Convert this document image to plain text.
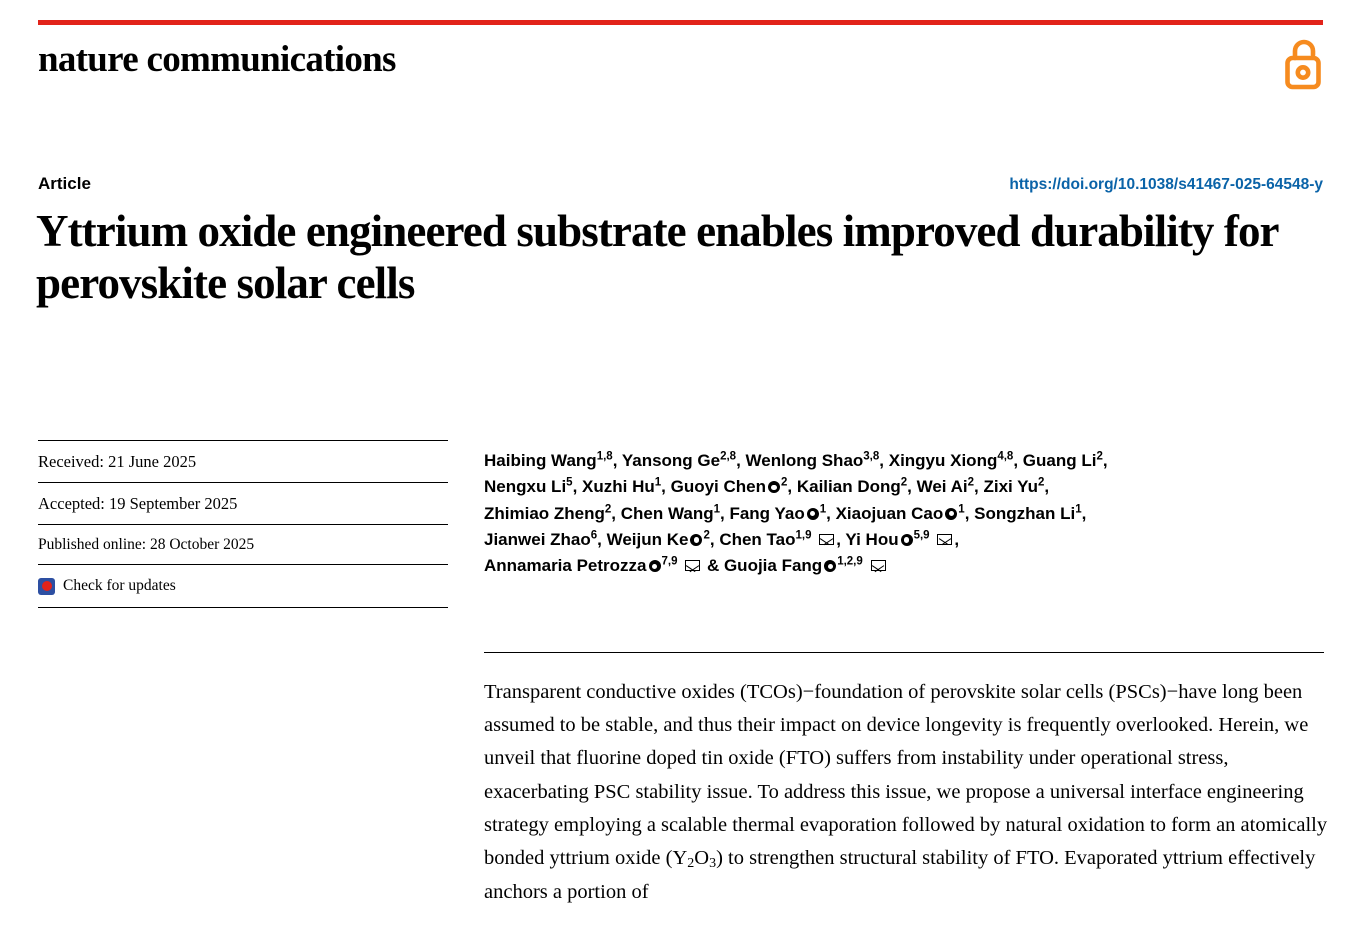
nature communications
Article	https://doi.org/10.1038/s41467-025-64548-y
Yttrium oxide engineered substrate enables improved durability for perovskite solar cells
Received: 21 June 2025
Accepted: 19 September 2025
Published online: 28 October 2025
Check for updates
Haibing Wang$^{1,8}$, Yansong Ge$^{2,8}$, Wenlong Shao$^{3,8}$, Xingyu Xiong$^{4,8}$, Guang Li$^2$,
Nengxu Li$^5$, Xuzhi Hu$^1$, Guoyi Chen $^2$, Kailian Dong$^2$, Wei Ai$^2$, Zixi Yu$^2$,
Zhimiao Zheng$^2$, Chen Wang$^1$, Fang Yao $^1$, Xiaojuan Cao $^1$, Songzhan Li$^1$,
Jianwei Zhao$^6$, Weijun Ke $^2$, Chen Tao$^{1,9}$ , Yi Hou $^{5,9}$ ,
Annamaria Petrozza $^{7,9}$  & Guojia Fang $^{1,2,9}$
Transparent conductive oxides (TCOs)−foundation of perovskite solar cells (PSCs)−have long been assumed to be stable, and thus their impact on device longevity is frequently overlooked. Herein, we unveil that fluorine doped tin oxide (FTO) suffers from instability under operational stress, exacerbating PSC stability issue. To address this issue, we propose a universal interface engineering strategy employing a scalable thermal evaporation followed by natural oxidation to form an atomically bonded yttrium oxide $(Y_2O_3)$ to strengthen structural stability of FTO. Evaporated yttrium effectively anchors a portion of
